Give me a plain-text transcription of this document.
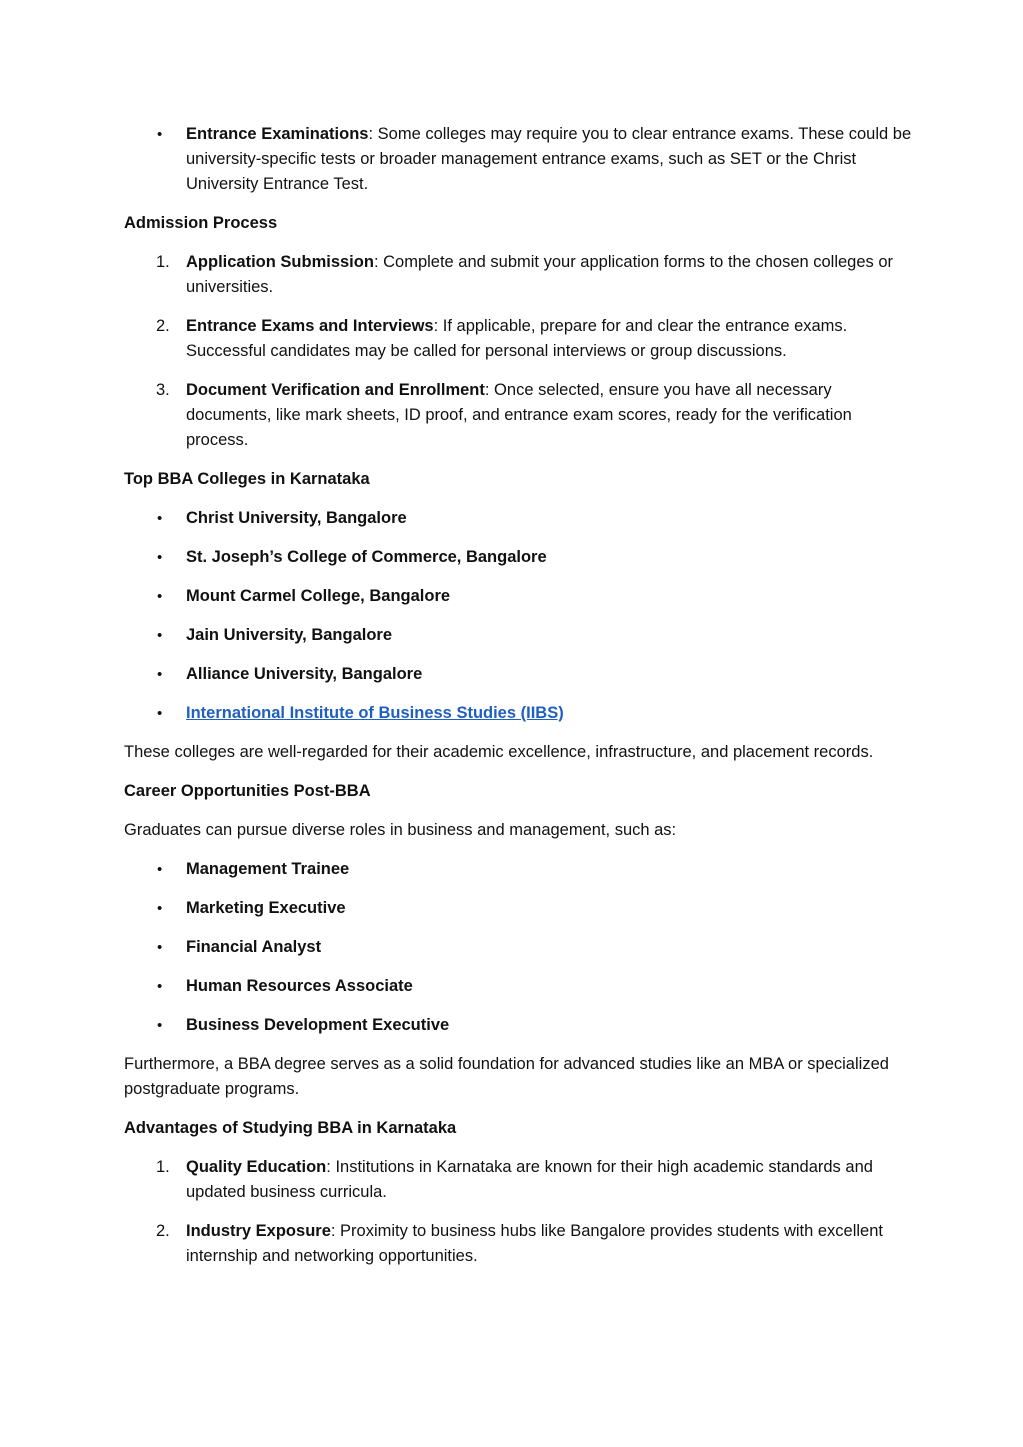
• Entrance Examinations: Some colleges may require you to clear entrance exams. These could be university-specific tests or broader management entrance exams, such as SET or the Christ University Entrance Test.
Admission Process
1. Application Submission: Complete and submit your application forms to the chosen colleges or universities.
2. Entrance Exams and Interviews: If applicable, prepare for and clear the entrance exams. Successful candidates may be called for personal interviews or group discussions.
3. Document Verification and Enrollment: Once selected, ensure you have all necessary documents, like mark sheets, ID proof, and entrance exam scores, ready for the verification process.
Top BBA Colleges in Karnataka
• Christ University, Bangalore
• St. Joseph’s College of Commerce, Bangalore
• Mount Carmel College, Bangalore
• Jain University, Bangalore
• Alliance University, Bangalore
• International Institute of Business Studies (IIBS)
These colleges are well-regarded for their academic excellence, infrastructure, and placement records.
Career Opportunities Post-BBA
Graduates can pursue diverse roles in business and management, such as:
• Management Trainee
• Marketing Executive
• Financial Analyst
• Human Resources Associate
• Business Development Executive
Furthermore, a BBA degree serves as a solid foundation for advanced studies like an MBA or specialized postgraduate programs.
Advantages of Studying BBA in Karnataka
1. Quality Education: Institutions in Karnataka are known for their high academic standards and updated business curricula.
2. Industry Exposure: Proximity to business hubs like Bangalore provides students with excellent internship and networking opportunities.
